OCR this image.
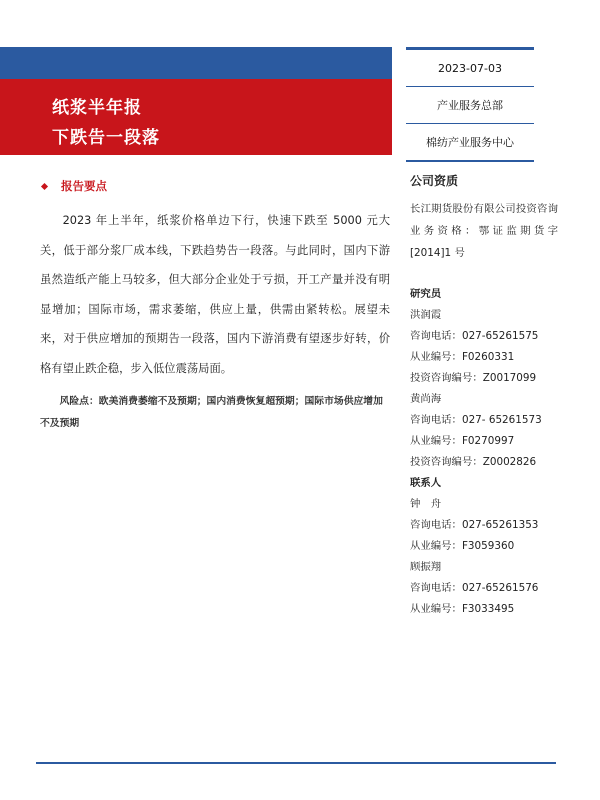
纸浆半年报
下跌告一段落
2023-07-03
产业服务总部
棉纺产业服务中心
报告要点

2023 年上半年，纸浆价格单边下行，快速下跌至 5000 元大关，低于部分浆厂成本线，下跌趋势告一段落。与此同时，国内下游虽然造纸产能上马较多，但大部分企业处于亏损，开工产量并没有明显增加；国际市场，需求萎缩，供应上量，供需由紧转松。展望未来，对于供应增加的预期告一段落，国内下游消费有望逐步好转，价格有望止跌企稳，步入低位震荡局面。

风险点：欧美消费萎缩不及预期；国内消费恢复超预期；国际市场供应增加不及预期

公司资质

长江期货股份有限公司投资咨询业务资格：鄂证监期货字[2014]1 号

研究员
洪润霞
咨询电话：027-65261575
从业编号：F0260331
投资咨询编号：Z0017099
黄尚海
咨询电话：027- 65261573
从业编号：F0270997
投资咨询编号：Z0002826
联系人
钟　舟
咨询电话：027-65261353
从业编号：F3059360
顾振翔
咨询电话：027-65261576
从业编号：F3033495
